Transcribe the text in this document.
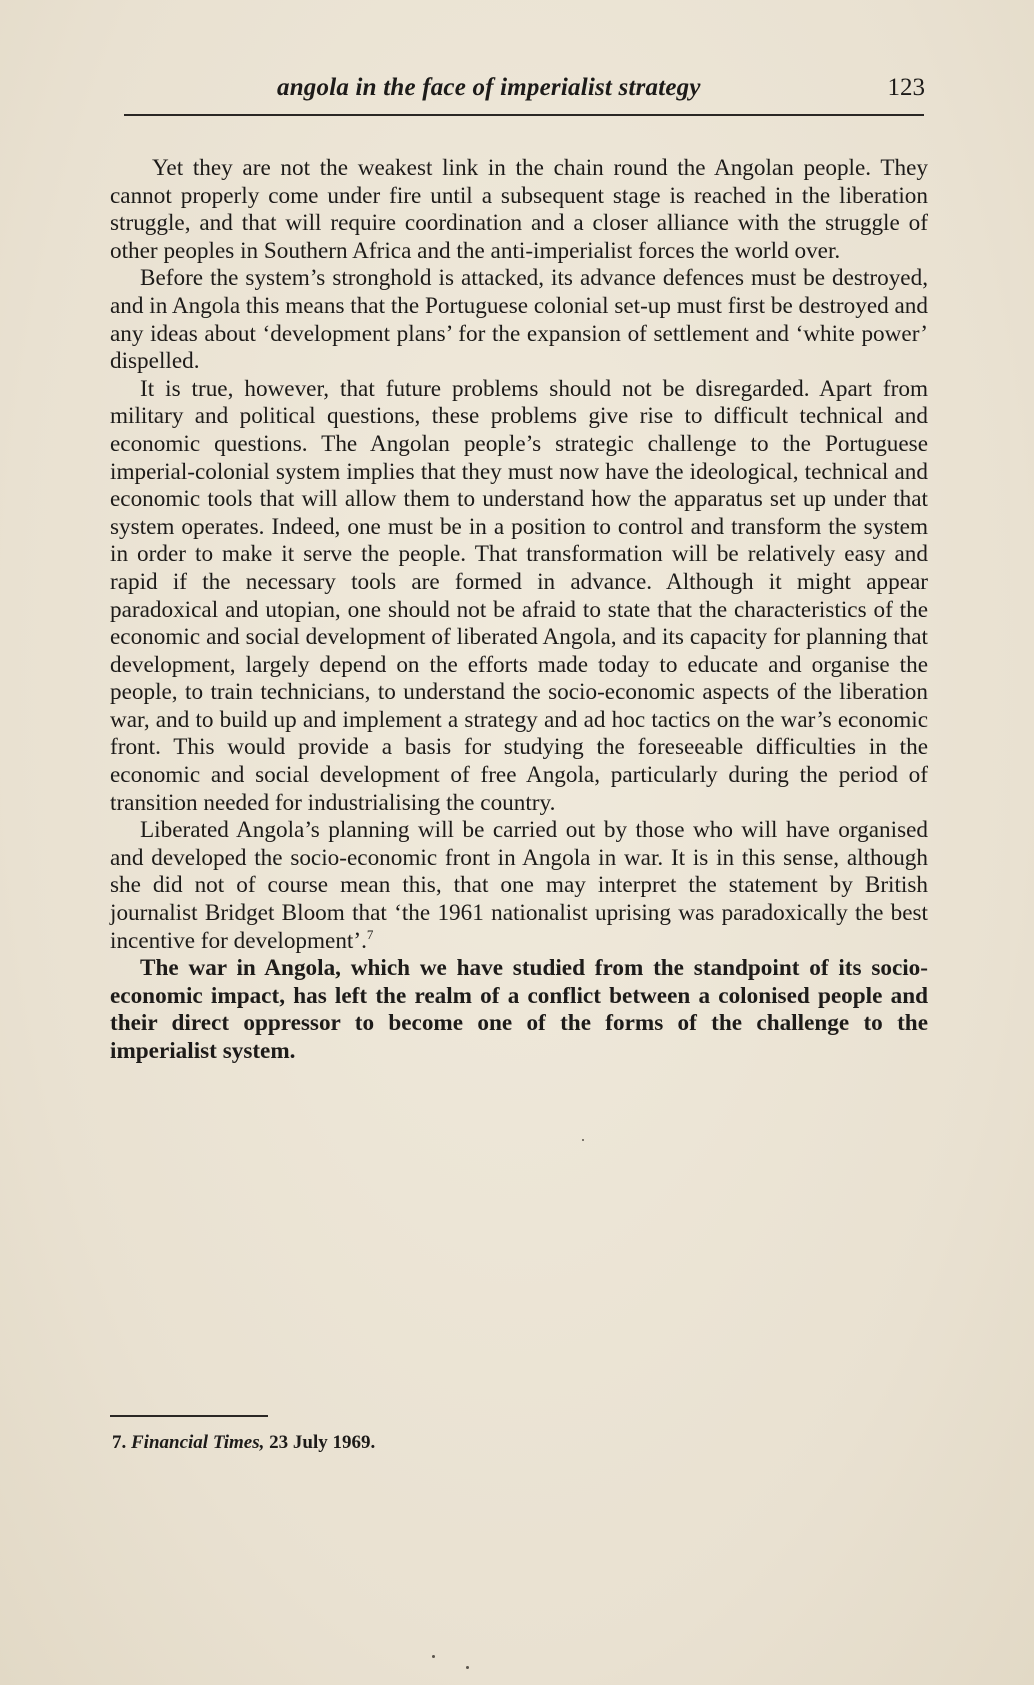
angola in the face of imperialist strategy	123

Yet they are not the weakest link in the chain round the Angolan people. They cannot properly come under fire until a subsequent stage is reached in the liberation struggle, and that will require coordination and a closer alliance with the struggle of other peoples in Southern Africa and the anti-imperialist forces the world over.

Before the system’s stronghold is attacked, its advance defences must be destroyed, and in Angola this means that the Portuguese colonial set-up must first be destroyed and any ideas about ‘development plans’ for the expansion of settlement and ‘white power’ dispelled.

It is true, however, that future problems should not be disregarded. Apart from military and political questions, these problems give rise to difficult technical and economic questions. The Angolan people’s strategic challenge to the Portuguese imperial-colonial system implies that they must now have the ideological, technical and economic tools that will allow them to understand how the apparatus set up under that system operates. Indeed, one must be in a position to control and transform the system in order to make it serve the people. That transformation will be relatively easy and rapid if the necessary tools are formed in advance. Although it might appear paradoxical and utopian, one should not be afraid to state that the characteristics of the economic and social development of liberated Angola, and its capacity for planning that development, largely depend on the efforts made today to educate and organise the people, to train technicians, to understand the socio-economic aspects of the liberation war, and to build up and implement a strategy and ad hoc tactics on the war’s economic front. This would provide a basis for studying the foreseeable difficulties in the economic and social development of free Angola, particularly during the period of transition needed for industrialising the country.

Liberated Angola’s planning will be carried out by those who will have organised and developed the socio-economic front in Angola in war. It is in this sense, although she did not of course mean this, that one may interpret the statement by British journalist Bridget Bloom that ‘the 1961 nationalist uprising was paradoxically the best incentive for development’.$^7$

The war in Angola, which we have studied from the standpoint of its socio-economic impact, has left the realm of a conflict between a colonised people and their direct oppressor to become one of the forms of the challenge to the imperialist system.

7. Financial Times, 23 July 1969.
